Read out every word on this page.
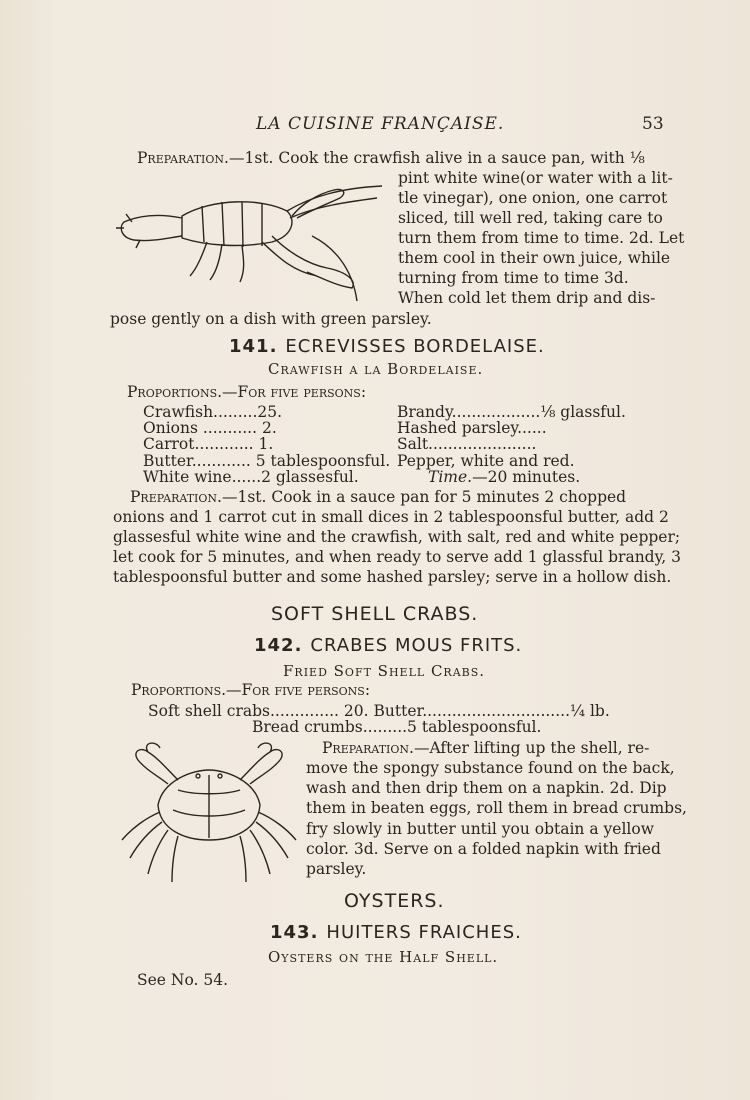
LA CUISINE FRANÇAISE.	53
Preparation.—1st. Cook the crawfish alive in a sauce pan, with ⅛
pint white wine(or water with a lit-
tle vinegar), one onion, one carrot
sliced, till well red, taking care to
turn them from time to time. 2d. Let
them cool in their own juice, while
turning from time to time 3d.
When cold let them drip and dis-
pose gently on a dish with green parsley.
141. ECREVISSES BORDELAISE.
Crawfish a la Bordelaise.
Proportions.—For five persons:
Crawfish.........25.
Onions ........... 2.
Carrot............ 1.
Butter............ 5 tablespoonsful.
White wine......2 glassesful.
Brandy..................⅛ glassful.
Hashed parsley......
Salt......................
Pepper, white and red.
Time.—20 minutes.
Preparation.—1st. Cook in a sauce pan for 5 minutes 2 chopped
onions and 1 carrot cut in small dices in 2 tablespoonsful butter, add 2
glassesful white wine and the crawfish, with salt, red and white pepper;
let cook for 5 minutes, and when ready to serve add 1 glassful brandy, 3
tablespoonsful butter and some hashed parsley; serve in a hollow dish.
SOFT SHELL CRABS.
142. CRABES MOUS FRITS.
Fried Soft Shell Crabs.
Proportions.—For five persons:
Soft shell crabs.............. 20. Butter..............................¼ lb.
Bread crumbs.........5 tablespoonsful.
Preparation.—After lifting up the shell, re-
move the spongy substance found on the back,
wash and then drip them on a napkin. 2d. Dip
them in beaten eggs, roll them in bread crumbs,
fry slowly in butter until you obtain a yellow
color. 3d. Serve on a folded napkin with fried
parsley.
OYSTERS.
143. HUITERS FRAICHES.
Oysters on the Half Shell.
See No. 54.
